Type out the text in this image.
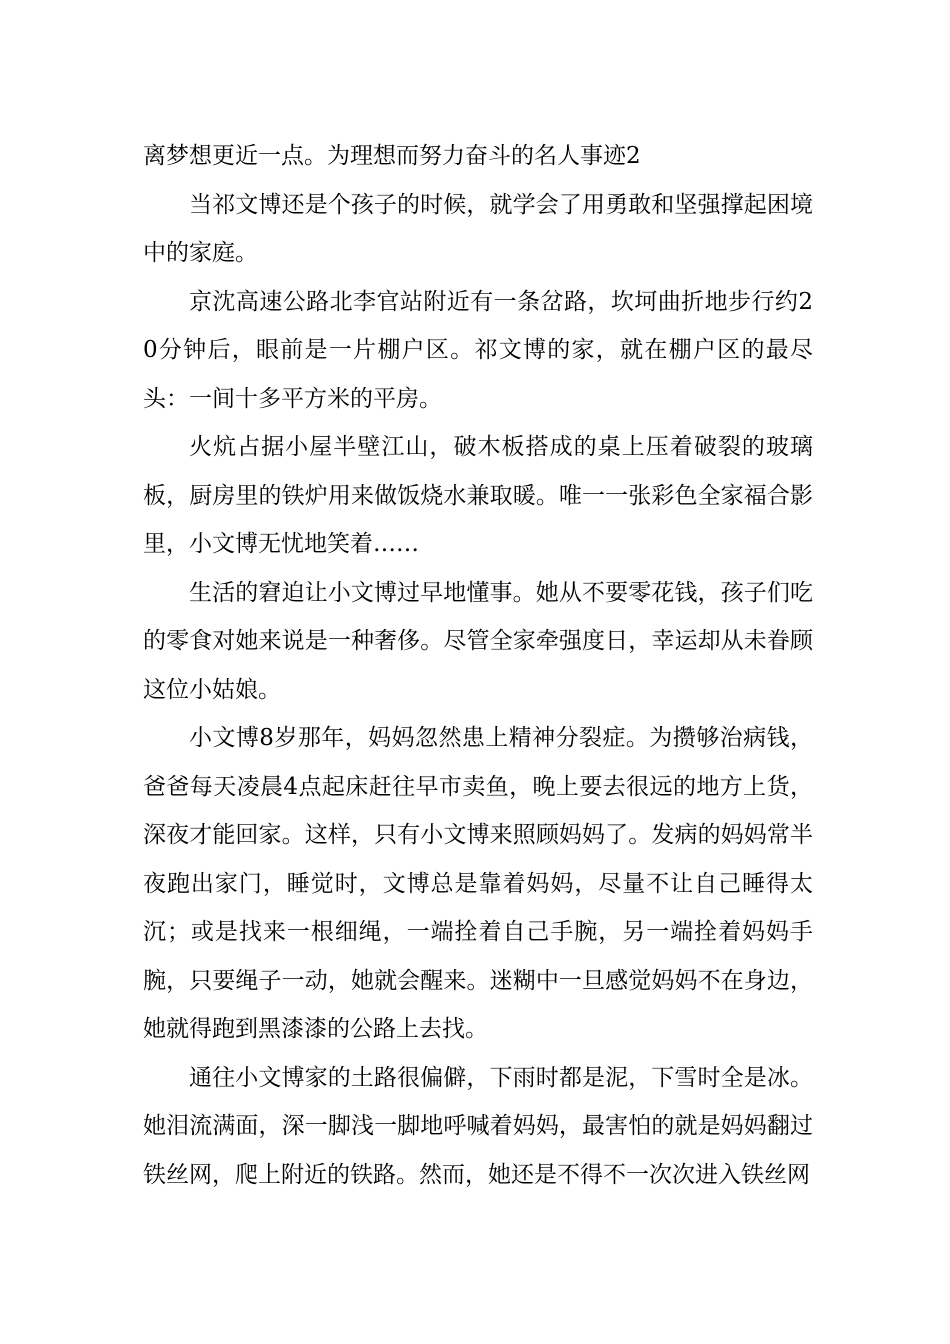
离梦想更近一点。为理想而努力奋斗的名人事迹2

当祁文博还是个孩子的时候，就学会了用勇敢和坚强撑起困境中的家庭。

京沈高速公路北李官站附近有一条岔路，坎坷曲折地步行约20分钟后，眼前是一片棚户区。祁文博的家，就在棚户区的最尽头：一间十多平方米的平房。

火炕占据小屋半壁江山，破木板搭成的桌上压着破裂的玻璃板，厨房里的铁炉用来做饭烧水兼取暖。唯一一张彩色全家福合影里，小文博无忧地笑着……

生活的窘迫让小文博过早地懂事。她从不要零花钱，孩子们吃的零食对她来说是一种奢侈。尽管全家牵强度日，幸运却从未眷顾这位小姑娘。

小文博8岁那年，妈妈忽然患上精神分裂症。为攒够治病钱，爸爸每天凌晨4点起床赶往早市卖鱼，晚上要去很远的地方上货，深夜才能回家。这样，只有小文博来照顾妈妈了。发病的妈妈常半夜跑出家门，睡觉时，文博总是靠着妈妈，尽量不让自己睡得太沉；或是找来一根细绳，一端拴着自己手腕，另一端拴着妈妈手腕，只要绳子一动，她就会醒来。迷糊中一旦感觉妈妈不在身边，她就得跑到黑漆漆的公路上去找。

通往小文博家的土路很偏僻，下雨时都是泥，下雪时全是冰。她泪流满面，深一脚浅一脚地呼喊着妈妈，最害怕的就是妈妈翻过铁丝网，爬上附近的铁路。然而，她还是不得不一次次进入铁丝网
